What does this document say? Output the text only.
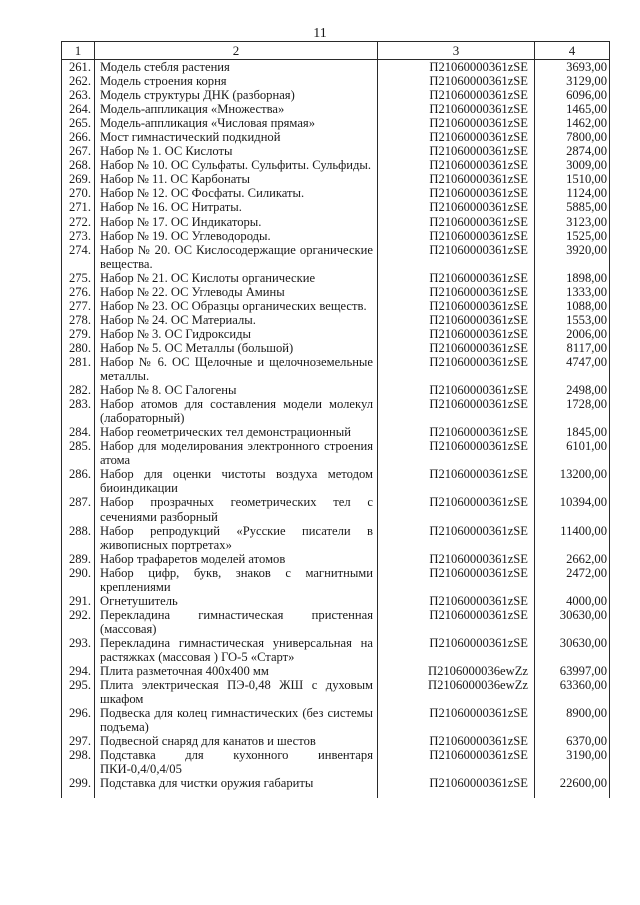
11
1	2	3	4
261.	Модель стебля растения	П21060000361zSE	3693,00
262.	Модель строения корня	П21060000361zSE	3129,00
263.	Модель структуры ДНК (разборная)	П21060000361zSE	6096,00
264.	Модель-аппликация «Множества»	П21060000361zSE	1465,00
265.	Модель-аппликация «Числовая прямая»	П21060000361zSE	1462,00
266.	Мост гимнастический подкидной	П21060000361zSE	7800,00
267.	Набор № 1. ОС Кислоты	П21060000361zSE	2874,00
268.	Набор № 10. ОС Сульфаты. Сульфиты. Сульфиды.	П21060000361zSE	3009,00
269.	Набор № 11. ОС Карбонаты	П21060000361zSE	1510,00
270.	Набор № 12. ОС Фосфаты. Силикаты.	П21060000361zSE	1124,00
271.	Набор № 16. ОС Нитраты.	П21060000361zSE	5885,00
272.	Набор № 17. ОС Индикаторы.	П21060000361zSE	3123,00
273.	Набор № 19. ОС Углеводороды.	П21060000361zSE	1525,00
274.	Набор № 20. ОС Кислосодержащие органические вещества.	П21060000361zSE	3920,00
275.	Набор № 21. ОС Кислоты органические	П21060000361zSE	1898,00
276.	Набор № 22. ОС Углеводы Амины	П21060000361zSE	1333,00
277.	Набор № 23. ОС Образцы органических веществ.	П21060000361zSE	1088,00
278.	Набор № 24. ОС Материалы.	П21060000361zSE	1553,00
279.	Набор № 3. ОС Гидроксиды	П21060000361zSE	2006,00
280.	Набор № 5. ОС Металлы (большой)	П21060000361zSE	8117,00
281.	Набор № 6. ОС Щелочные и щелочноземельные металлы.	П21060000361zSE	4747,00
282.	Набор № 8. ОС Галогены	П21060000361zSE	2498,00
283.	Набор атомов для составления модели молекул (лабораторный)	П21060000361zSE	1728,00
284.	Набор геометрических тел демонстрационный	П21060000361zSE	1845,00
285.	Набор для моделирования электронного строения атома	П21060000361zSE	6101,00
286.	Набор для оценки чистоты воздуха методом биоиндикации	П21060000361zSE	13200,00
287.	Набор прозрачных геометрических тел с сечениями разборный	П21060000361zSE	10394,00
288.	Набор репродукций «Русские писатели в живописных портретах»	П21060000361zSE	11400,00
289.	Набор трафаретов моделей атомов	П21060000361zSE	2662,00
290.	Набор цифр, букв, знаков с магнитными креплениями	П21060000361zSE	2472,00
291.	Огнетушитель	П21060000361zSE	4000,00
292.	Перекладина гимнастическая пристенная (массовая)	П21060000361zSE	30630,00
293.	Перекладина гимнастическая универсальная на растяжках (массовая ) ГО-5 «Старт»	П21060000361zSE	30630,00
294.	Плита разметочная 400x400 мм	П2106000036ewZz	63997,00
295.	Плита электрическая ПЭ-0,48 ЖШ с духовым шкафом	П2106000036ewZz	63360,00
296.	Подвеска для колец гимнастических (без системы подъема)	П21060000361zSE	8900,00
297.	Подвесной снаряд для канатов и шестов	П21060000361zSE	6370,00
298.	Подставка для кухонного инвентаря ПКИ-0,4/0,4/05	П21060000361zSE	3190,00
299.	Подставка для чистки оружия габариты	П21060000361zSE	22600,00
